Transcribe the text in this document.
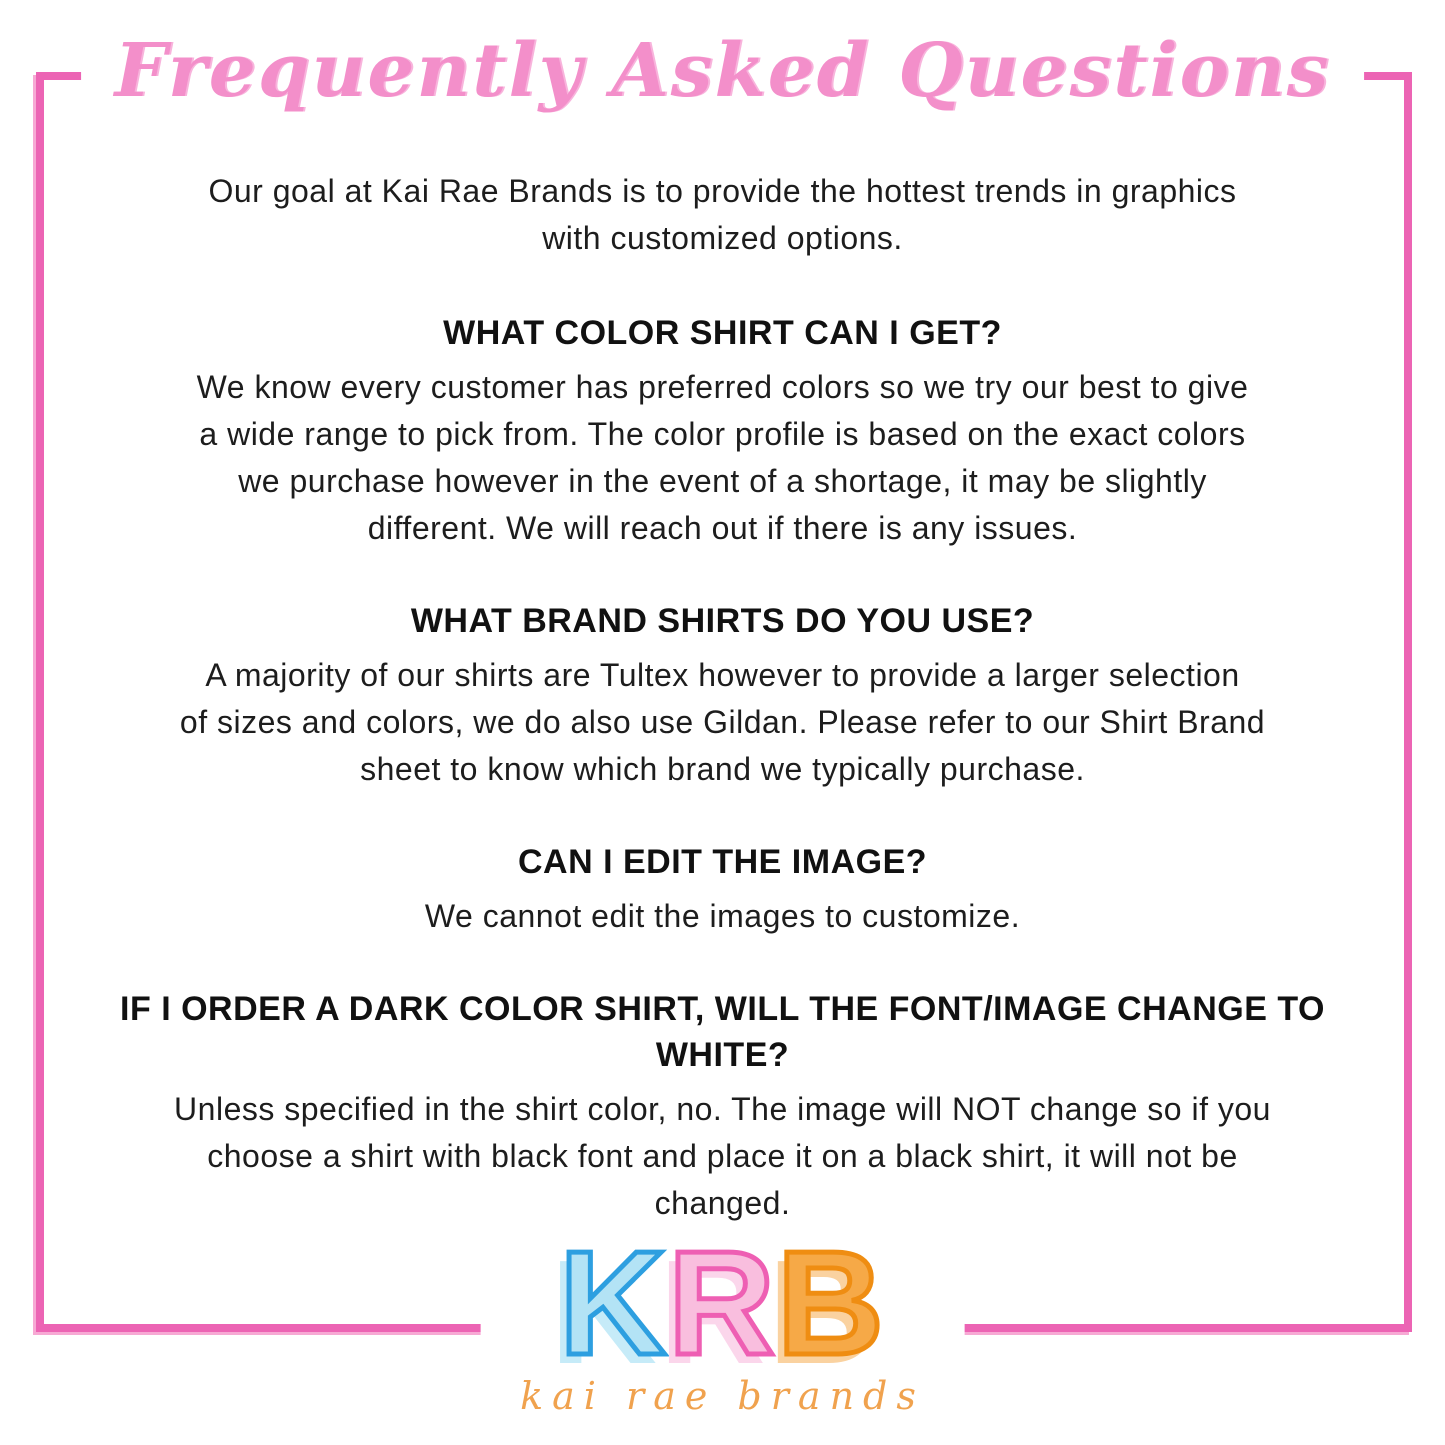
Frequently Asked Questions
Our goal at Kai Rae Brands is to provide the hottest trends in graphics
with customized options.
WHAT COLOR SHIRT CAN I GET?
We know every customer has preferred colors so we try our best to give
a wide range to pick from. The color profile is based on the exact colors
we purchase however in the event of a shortage, it may be slightly
different. We will reach out if there is any issues.
WHAT BRAND SHIRTS DO YOU USE?
A majority of our shirts are Tultex however to provide a larger selection
of sizes and colors, we do also use Gildan. Please refer to our Shirt Brand
sheet to know which brand we typically purchase.
CAN I EDIT THE IMAGE?
We cannot edit the images to customize.
IF I ORDER A DARK COLOR SHIRT, WILL THE FONT/IMAGE CHANGE TO
WHITE?
Unless specified in the shirt color, no. The image will NOT change so if you
choose a shirt with black font and place it on a black shirt, it will not be
changed.
KRB
kai rae brands
